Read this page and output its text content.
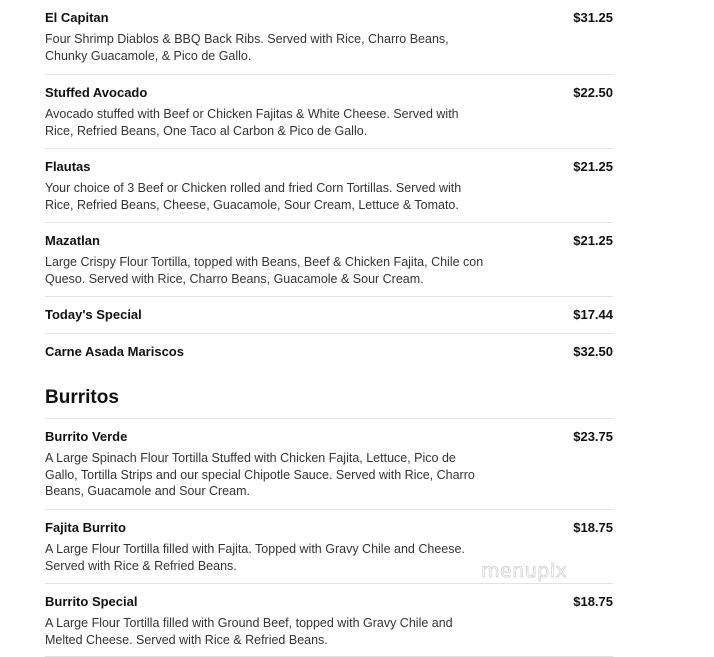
$31.25
El Capitan
Four Shrimp Diablos & BBQ Back Ribs. Served with Rice, Charro Beans, Chunky Guacamole, & Pico de Gallo.
$22.50
Stuffed Avocado
Avocado stuffed with Beef or Chicken Fajitas & White Cheese. Served with Rice, Refried Beans, One Taco al Carbon & Pico de Gallo.
$21.25
Flautas
Your choice of 3 Beef or Chicken rolled and fried Corn Tortillas. Served with Rice, Refried Beans, Cheese, Guacamole, Sour Cream, Lettuce & Tomato.
$21.25
Mazatlan
Large Crispy Flour Tortilla, topped with Beans, Beef & Chicken Fajita, Chile con Queso. Served with Rice, Charro Beans, Guacamole & Sour Cream.
$17.44
Today's Special
$32.50
Carne Asada Mariscos
Burritos
$23.75
Burrito Verde
A Large Spinach Flour Tortilla Stuffed with Chicken Fajita, Lettuce, Pico de Gallo, Tortilla Strips and our special Chipotle Sauce. Served with Rice, Charro Beans, Guacamole and Sour Cream.
$18.75
Fajita Burrito
A Large Flour Tortilla filled with Fajita. Topped with Gravy Chile and Cheese. Served with Rice & Refried Beans.
$18.75
Burrito Special
A Large Flour Tortilla filled with Ground Beef, topped with Gravy Chile and Melted Cheese. Served with Rice & Refried Beans.
menupix
